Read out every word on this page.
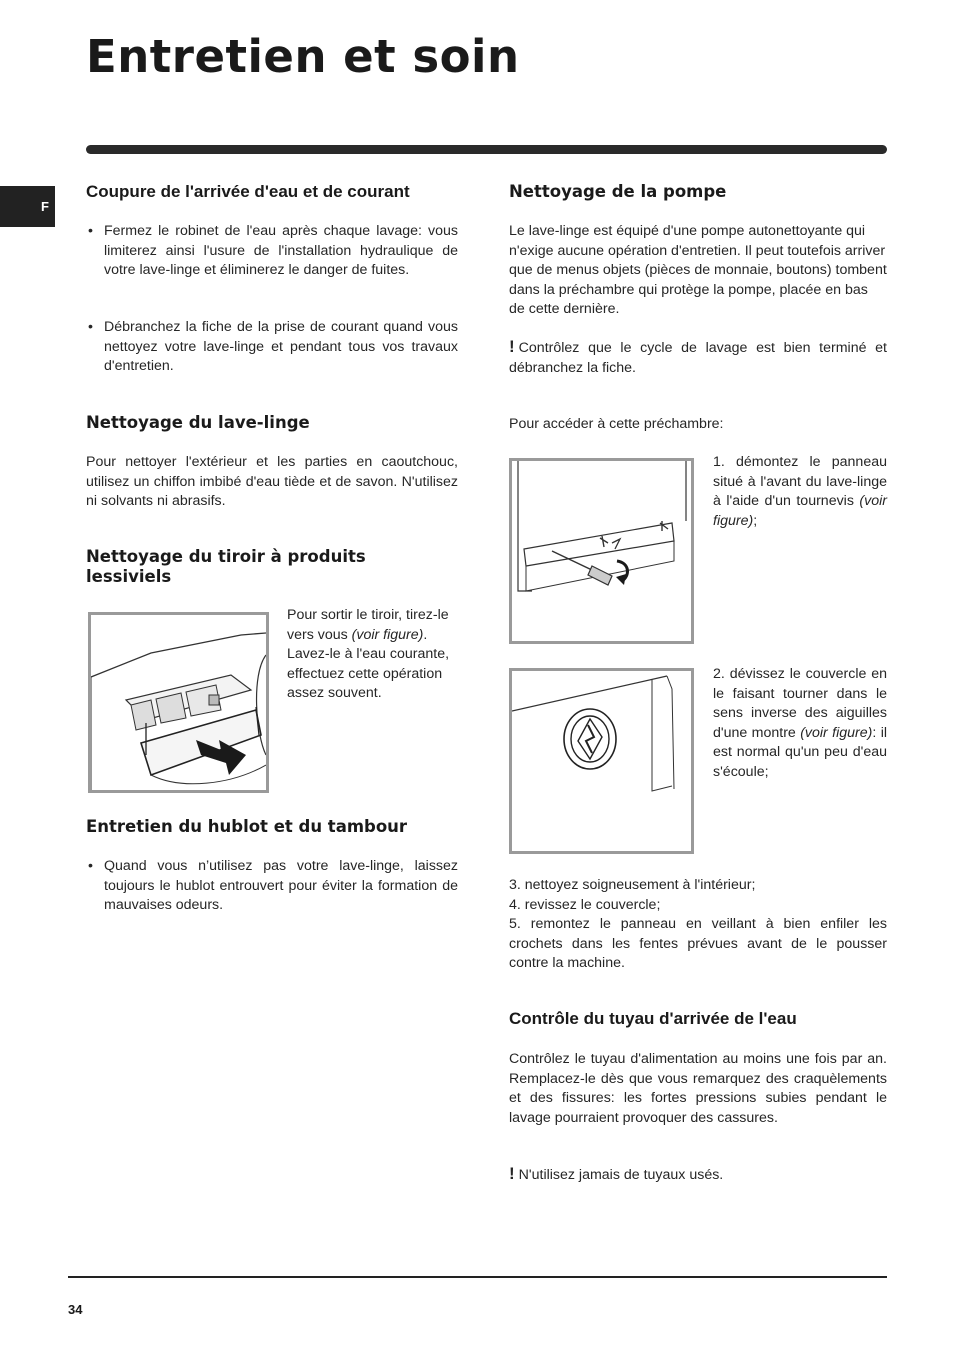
Entretien et soin
F
Coupure de l'arrivée d'eau et de courant

• Fermez le robinet de l'eau après chaque lavage: vous limiterez ainsi l'usure de l'installation hydraulique de votre lave-linge et éliminerez le danger de fuites.

• Débranchez la fiche de la prise de courant quand vous nettoyez votre lave-linge et pendant tous vos travaux d'entretien.

Nettoyage du lave-linge

Pour nettoyer l'extérieur et les parties en caoutchouc, utilisez un chiffon imbibé d'eau tiède et de savon. N'utilisez ni solvants ni abrasifs.

Nettoyage du tiroir à produits lessiviels

Pour sortir le tiroir, tirez-le vers vous (voir figure). Lavez-le à l'eau courante, effectuez cette opération assez souvent.

Entretien du hublot et du tambour

• Quand vous n’utilisez pas votre lave-linge, laissez toujours le hublot entrouvert pour éviter la formation de mauvaises odeurs.

Nettoyage de la pompe

Le lave-linge est équipé d'une pompe autonettoyante qui n'exige aucune opération d'entretien. Il peut toutefois arriver que de menus objets (pièces de monnaie, boutons) tombent dans la préchambre qui protège la pompe, placée en bas de cette dernière.

! Contrôlez que le cycle de lavage est bien terminé et débranchez la fiche.

Pour accéder à cette préchambre:

1. démontez le panneau situé à l'avant du lave-linge à l'aide d'un tournevis (voir figure);

2. dévissez le couvercle en le faisant tourner dans le sens inverse des aiguilles d'une montre (voir figure): il est normal qu'un peu d'eau s'écoule;

3. nettoyez soigneusement à l'intérieur;

4. revissez le couvercle;

5. remontez le panneau en veillant à bien enfiler les crochets dans les fentes prévues avant de le pousser contre la machine.

Contrôle du tuyau d'arrivée de l'eau

Contrôlez le tuyau d'alimentation au moins une fois par an. Remplacez-le dès que vous remarquez des craquèlements et des fissures: les fortes pressions subies pendant le lavage pourraient provoquer des cassures.

! N'utilisez jamais de tuyaux usés.

34
